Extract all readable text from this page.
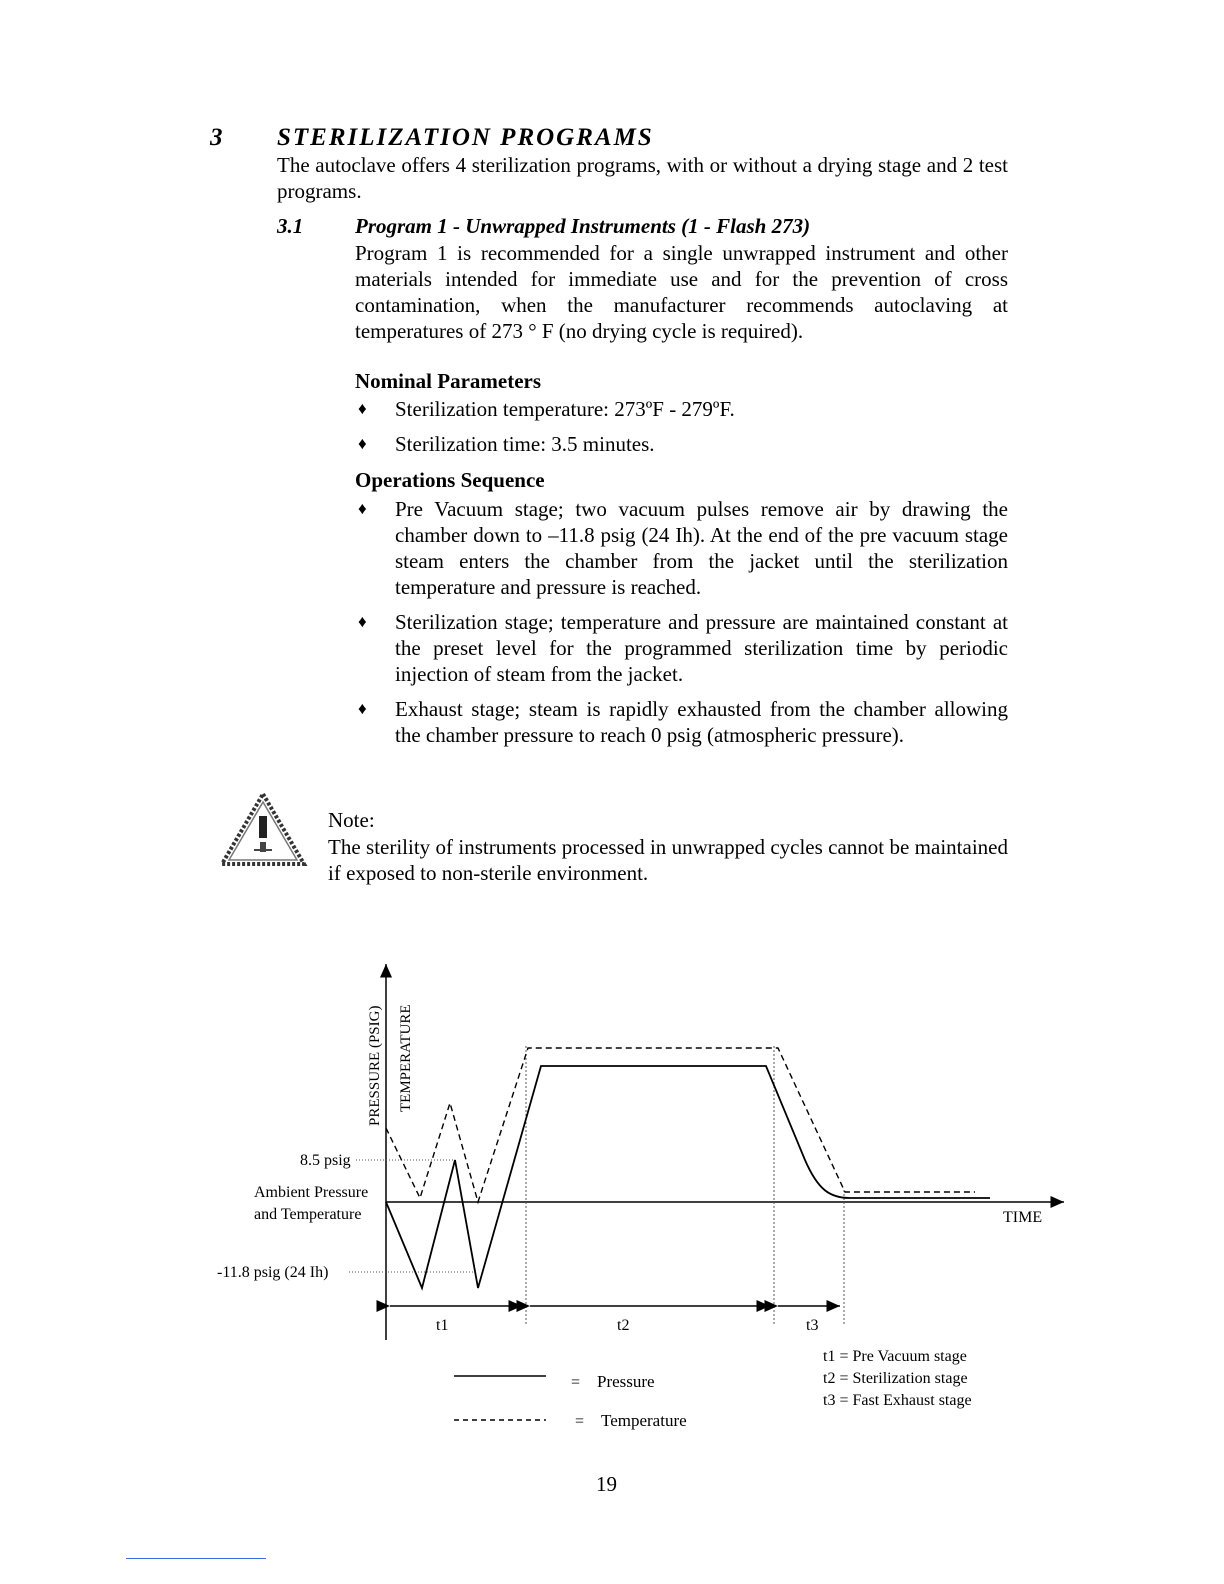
3 STERILIZATION PROGRAMS
The autoclave offers 4 sterilization programs, with or without a drying stage and 2 test programs.
3.1 Program 1 - Unwrapped Instruments (1 - Flash 273)
Program 1 is recommended for a single unwrapped instrument and other materials intended for immediate use and for the prevention of cross contamination, when the manufacturer recommends autoclaving at temperatures of 273 ° F (no drying cycle is required).
Nominal Parameters
♦ Sterilization temperature: 273ºF - 279ºF.
♦ Sterilization time: 3.5 minutes.
Operations Sequence
♦ Pre Vacuum stage; two vacuum pulses remove air by drawing the chamber down to –11.8 psig (24 Ih). At the end of the pre vacuum stage steam enters the chamber from the jacket until the sterilization temperature and pressure is reached.
♦ Sterilization stage; temperature and pressure are maintained constant at the preset level for the programmed sterilization time by periodic injection of steam from the jacket.
♦ Exhaust stage; steam is rapidly exhausted from the chamber allowing the chamber pressure to reach 0 psig (atmospheric pressure).
Note:
The sterility of instruments processed in unwrapped cycles cannot be maintained if exposed to non-sterile environment.
PRESSURE (PSIG) TEMPERATURE
8.5 psig
Ambient Pressure
and Temperature
-11.8 psig (24 Ih)
TIME
t1	t2	t3
t1 = Pre Vacuum stage
t2 = Sterilization stage
t3 = Fast Exhaust stage
= Pressure
= Temperature
19
